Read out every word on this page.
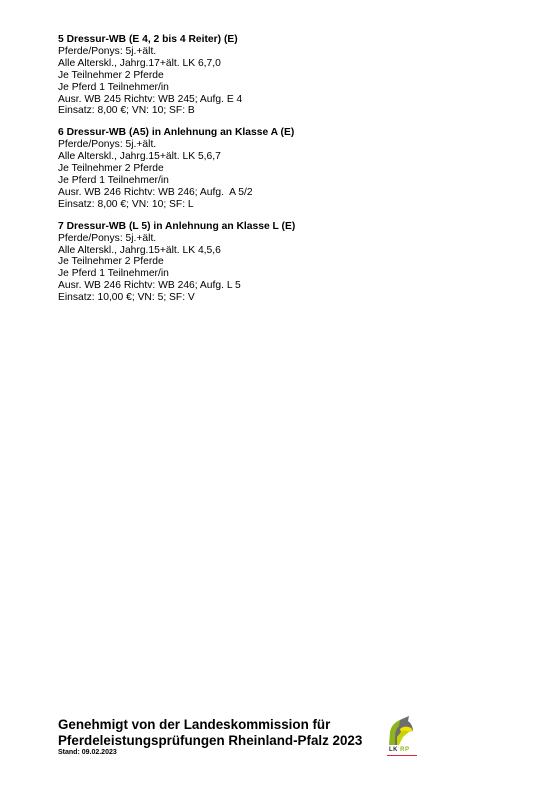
5 Dressur-WB (E 4, 2 bis 4 Reiter) (E)
Pferde/Ponys: 5j.+ält.
Alle Alterskl., Jahrg.17+ält. LK 6,7,0
Je Teilnehmer 2 Pferde
Je Pferd 1 Teilnehmer/in
Ausr. WB 245 Richtv: WB 245; Aufg. E 4
Einsatz: 8,00 €; VN: 10; SF: B
6 Dressur-WB (A5) in Anlehnung an Klasse A (E)
Pferde/Ponys: 5j.+ält.
Alle Alterskl., Jahrg.15+ält. LK 5,6,7
Je Teilnehmer 2 Pferde
Je Pferd 1 Teilnehmer/in
Ausr. WB 246 Richtv: WB 246; Aufg.  A 5/2
Einsatz: 8,00 €; VN: 10; SF: L
7 Dressur-WB (L 5) in Anlehnung an Klasse L (E)
Pferde/Ponys: 5j.+ält.
Alle Alterskl., Jahrg.15+ält. LK 4,5,6
Je Teilnehmer 2 Pferde
Je Pferd 1 Teilnehmer/in
Ausr. WB 246 Richtv: WB 246; Aufg. L 5
Einsatz: 10,00 €; VN: 5; SF: V
Genehmigt von der Landeskommission für
Pferdeleistungsprüfungen Rheinland-Pfalz 2023
Stand: 09.02.2023	LK RP
